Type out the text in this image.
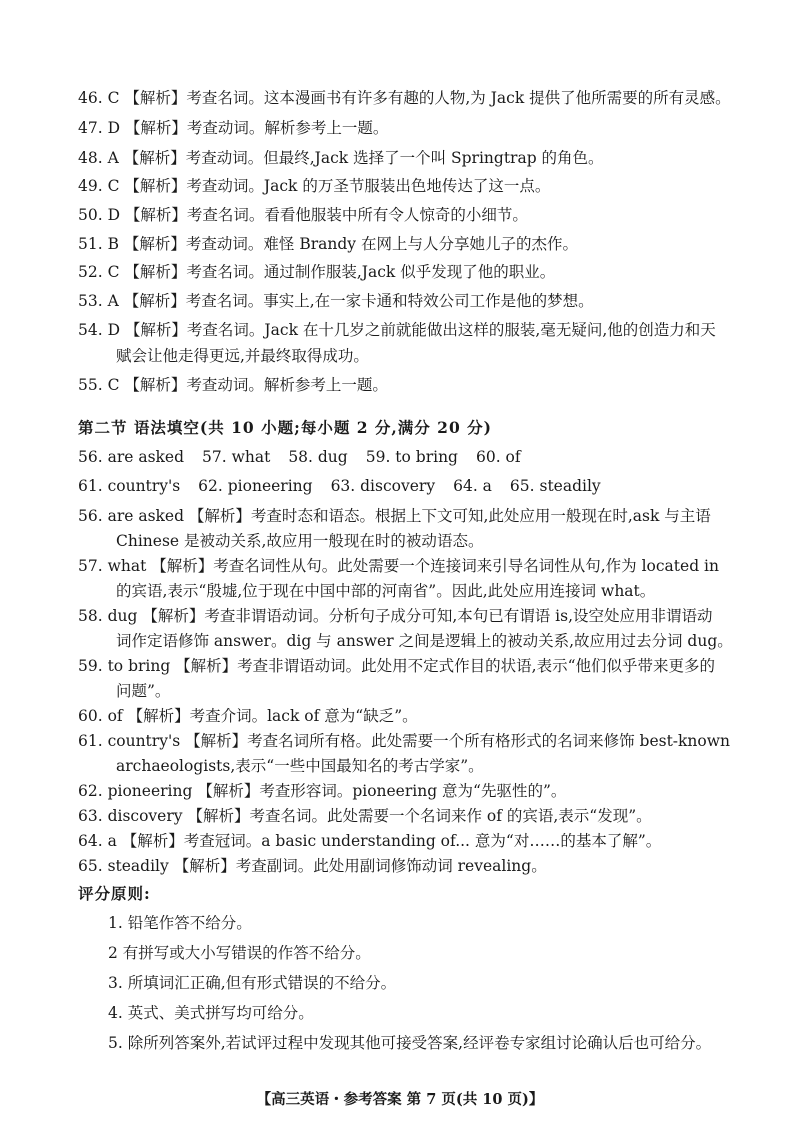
46. C 【解析】考查名词。这本漫画书有许多有趣的人物,为 Jack 提供了他所需要的所有灵感。
47. D 【解析】考查动词。解析参考上一题。
48. A 【解析】考查动词。但最终,Jack 选择了一个叫 Springtrap 的角色。
49. C 【解析】考查动词。Jack 的万圣节服装出色地传达了这一点。
50. D 【解析】考查名词。看看他服装中所有令人惊奇的小细节。
51. B 【解析】考查动词。难怪 Brandy 在网上与人分享她儿子的杰作。
52. C 【解析】考查名词。通过制作服装,Jack 似乎发现了他的职业。
53. A 【解析】考查名词。事实上,在一家卡通和特效公司工作是他的梦想。
54. D 【解析】考查名词。Jack 在十几岁之前就能做出这样的服装,毫无疑问,他的创造力和天
赋会让他走得更远,并最终取得成功。
55. C 【解析】考查动词。解析参考上一题。
第二节 语法填空(共 10 小题;每小题 2 分,满分 20 分)
56. are asked 57. what 58. dug 59. to bring 60. of
61. country's 62. pioneering 63. discovery 64. a 65. steadily
56. are asked 【解析】考查时态和语态。根据上下文可知,此处应用一般现在时,ask 与主语
Chinese 是被动关系,故应用一般现在时的被动语态。
57. what 【解析】考查名词性从句。此处需要一个连接词来引导名词性从句,作为 located in
的宾语,表示“殷墟,位于现在中国中部的河南省”。因此,此处应用连接词 what。
58. dug 【解析】考查非谓语动词。分析句子成分可知,本句已有谓语 is,设空处应用非谓语动
词作定语修饰 answer。dig 与 answer 之间是逻辑上的被动关系,故应用过去分词 dug。
59. to bring 【解析】考查非谓语动词。此处用不定式作目的状语,表示“他们似乎带来更多的
问题”。
60. of 【解析】考查介词。lack of 意为“缺乏”。
61. country's 【解析】考查名词所有格。此处需要一个所有格形式的名词来修饰 best-known
archaeologists,表示“一些中国最知名的考古学家”。
62. pioneering 【解析】考查形容词。pioneering 意为“先驱性的”。
63. discovery 【解析】考查名词。此处需要一个名词来作 of 的宾语,表示“发现”。
64. a 【解析】考查冠词。a basic understanding of... 意为“对……的基本了解”。
65. steadily 【解析】考查副词。此处用副词修饰动词 revealing。
评分原则:
1. 铅笔作答不给分。
2 有拼写或大小写错误的作答不给分。
3. 所填词汇正确,但有形式错误的不给分。
4. 英式、美式拼写均可给分。
5. 除所列答案外,若试评过程中发现其他可接受答案,经评卷专家组讨论确认后也可给分。
【高三英语・参考答案 第 7 页(共 10 页)】
